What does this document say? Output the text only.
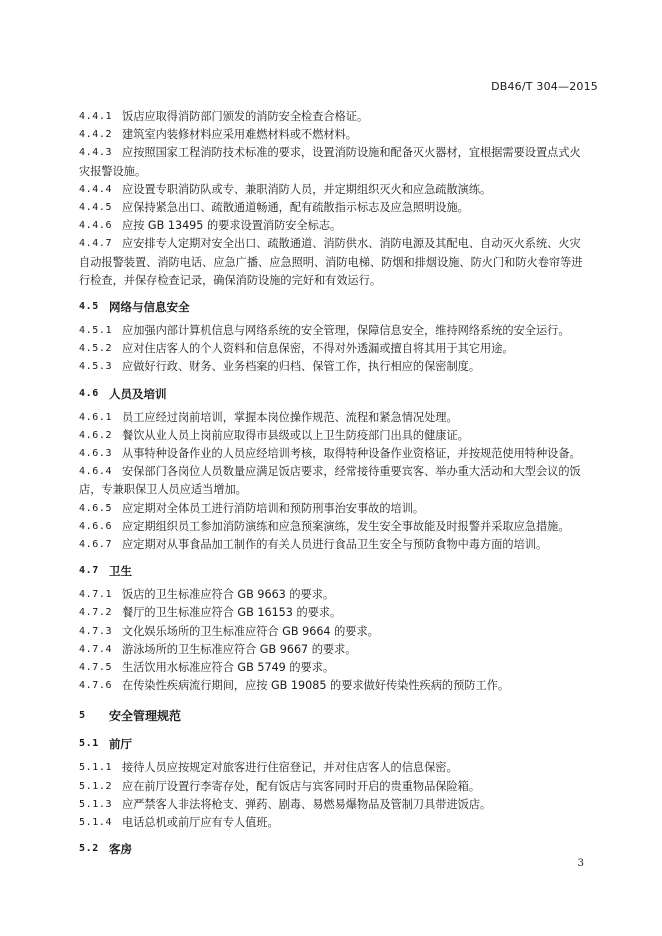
DB46/T 304—2015
4.4.1 饭店应取得消防部门颁发的消防安全检查合格证。
4.4.2 建筑室内装修材料应采用难燃材料或不燃材料。
4.4.3 应按照国家工程消防技术标准的要求，设置消防设施和配备灭火器材，宜根据需要设置点式火
灾报警设施。
4.4.4 应设置专职消防队或专、兼职消防人员，并定期组织灭火和应急疏散演练。
4.4.5 应保持紧急出口、疏散通道畅通，配有疏散指示标志及应急照明设施。
4.4.6 应按 GB 13495 的要求设置消防安全标志。
4.4.7 应安排专人定期对安全出口、疏散通道、消防供水、消防电源及其配电、自动灭火系统、火灾
自动报警装置、消防电话、应急广播、应急照明、消防电梯、防烟和排烟设施、防火门和防火卷帘等进
行检查，并保存检查记录，确保消防设施的完好和有效运行。
4.5 网络与信息安全
4.5.1 应加强内部计算机信息与网络系统的安全管理，保障信息安全，维持网络系统的安全运行。
4.5.2 应对住店客人的个人资料和信息保密，不得对外透漏或擅自将其用于其它用途。
4.5.3 应做好行政、财务、业务档案的归档、保管工作，执行相应的保密制度。
4.6 人员及培训
4.6.1 员工应经过岗前培训，掌握本岗位操作规范、流程和紧急情况处理。
4.6.2 餐饮从业人员上岗前应取得市县级或以上卫生防疫部门出具的健康证。
4.6.3 从事特种设备作业的人员应经培训考核，取得特种设备作业资格证，并按规范使用特种设备。
4.6.4 安保部门各岗位人员数量应满足饭店要求，经常接待重要宾客、举办重大活动和大型会议的饭
店，专兼职保卫人员应适当增加。
4.6.5 应定期对全体员工进行消防培训和预防刑事治安事故的培训。
4.6.6 应定期组织员工参加消防演练和应急预案演练，发生安全事故能及时报警并采取应急措施。
4.6.7 应定期对从事食品加工制作的有关人员进行食品卫生安全与预防食物中毒方面的培训。
4.7 卫生
4.7.1 饭店的卫生标准应符合 GB 9663 的要求。
4.7.2 餐厅的卫生标准应符合 GB 16153 的要求。
4.7.3 文化娱乐场所的卫生标准应符合 GB 9664 的要求。
4.7.4 游泳场所的卫生标准应符合 GB 9667 的要求。
4.7.5 生活饮用水标准应符合 GB 5749 的要求。
4.7.6 在传染性疾病流行期间，应按 GB 19085 的要求做好传染性疾病的预防工作。
5	安全管理规范
5.1 前厅
5.1.1 接待人员应按规定对旅客进行住宿登记，并对住店客人的信息保密。
5.1.2 应在前厅设置行李寄存处，配有饭店与宾客同时开启的贵重物品保险箱。
5.1.3 应严禁客人非法将枪支、弹药、剧毒、易燃易爆物品及管制刀具带进饭店。
5.1.4 电话总机或前厅应有专人值班。
5.2 客房
3
